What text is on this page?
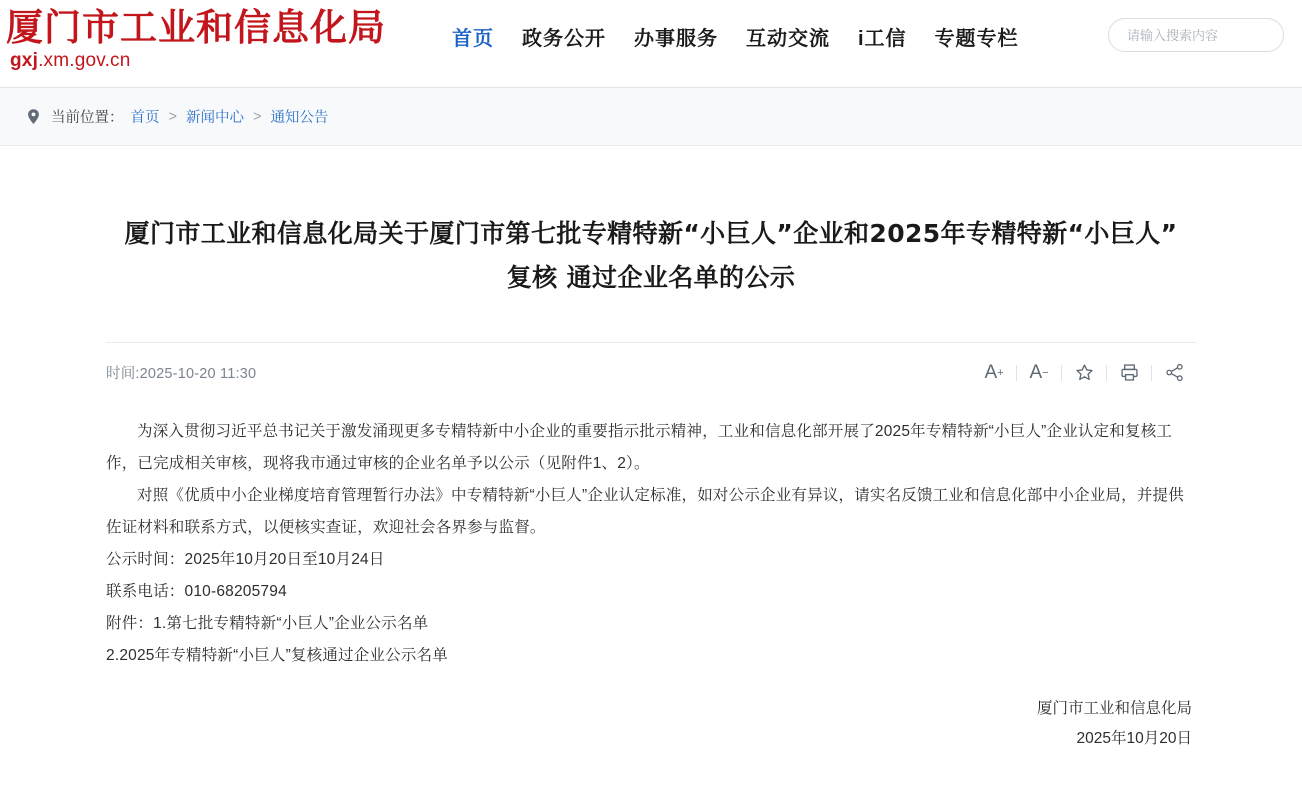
厦门市工业和信息化局
gxj.xm.gov.cn
首页 政务公开 办事服务 互动交流 i工信 专题专栏
请输入搜索内容
当前位置： 首页 > 新闻中心 > 通知公告
厦门市工业和信息化局关于厦门市第七批专精特新“小巨人”企业和2025年专精特新“小巨人”复核 通过企业名单的公示
时间:2025-10-20 11:30	A + A −

为深入贯彻习近平总书记关于激发涌现更多专精特新中小企业的重要指示批示精神，工业和信息化部开展了2025年专精特新“小巨人”企业认定和复核工作，已完成相关审核，现将我市通过审核的企业名单予以公示（见附件1、2）。

对照《优质中小企业梯度培育管理暂行办法》中专精特新“小巨人”企业认定标准，如对公示企业有异议，请实名反馈工业和信息化部中小企业局，并提供佐证材料和联系方式，以便核实查证，欢迎社会各界参与监督。

公示时间：2025年10月20日至10月24日

联系电话：010-68205794

附件：1.第七批专精特新“小巨人”企业公示名单

2.2025年专精特新“小巨人”复核通过企业公示名单

厦门市工业和信息化局
2025年10月20日
